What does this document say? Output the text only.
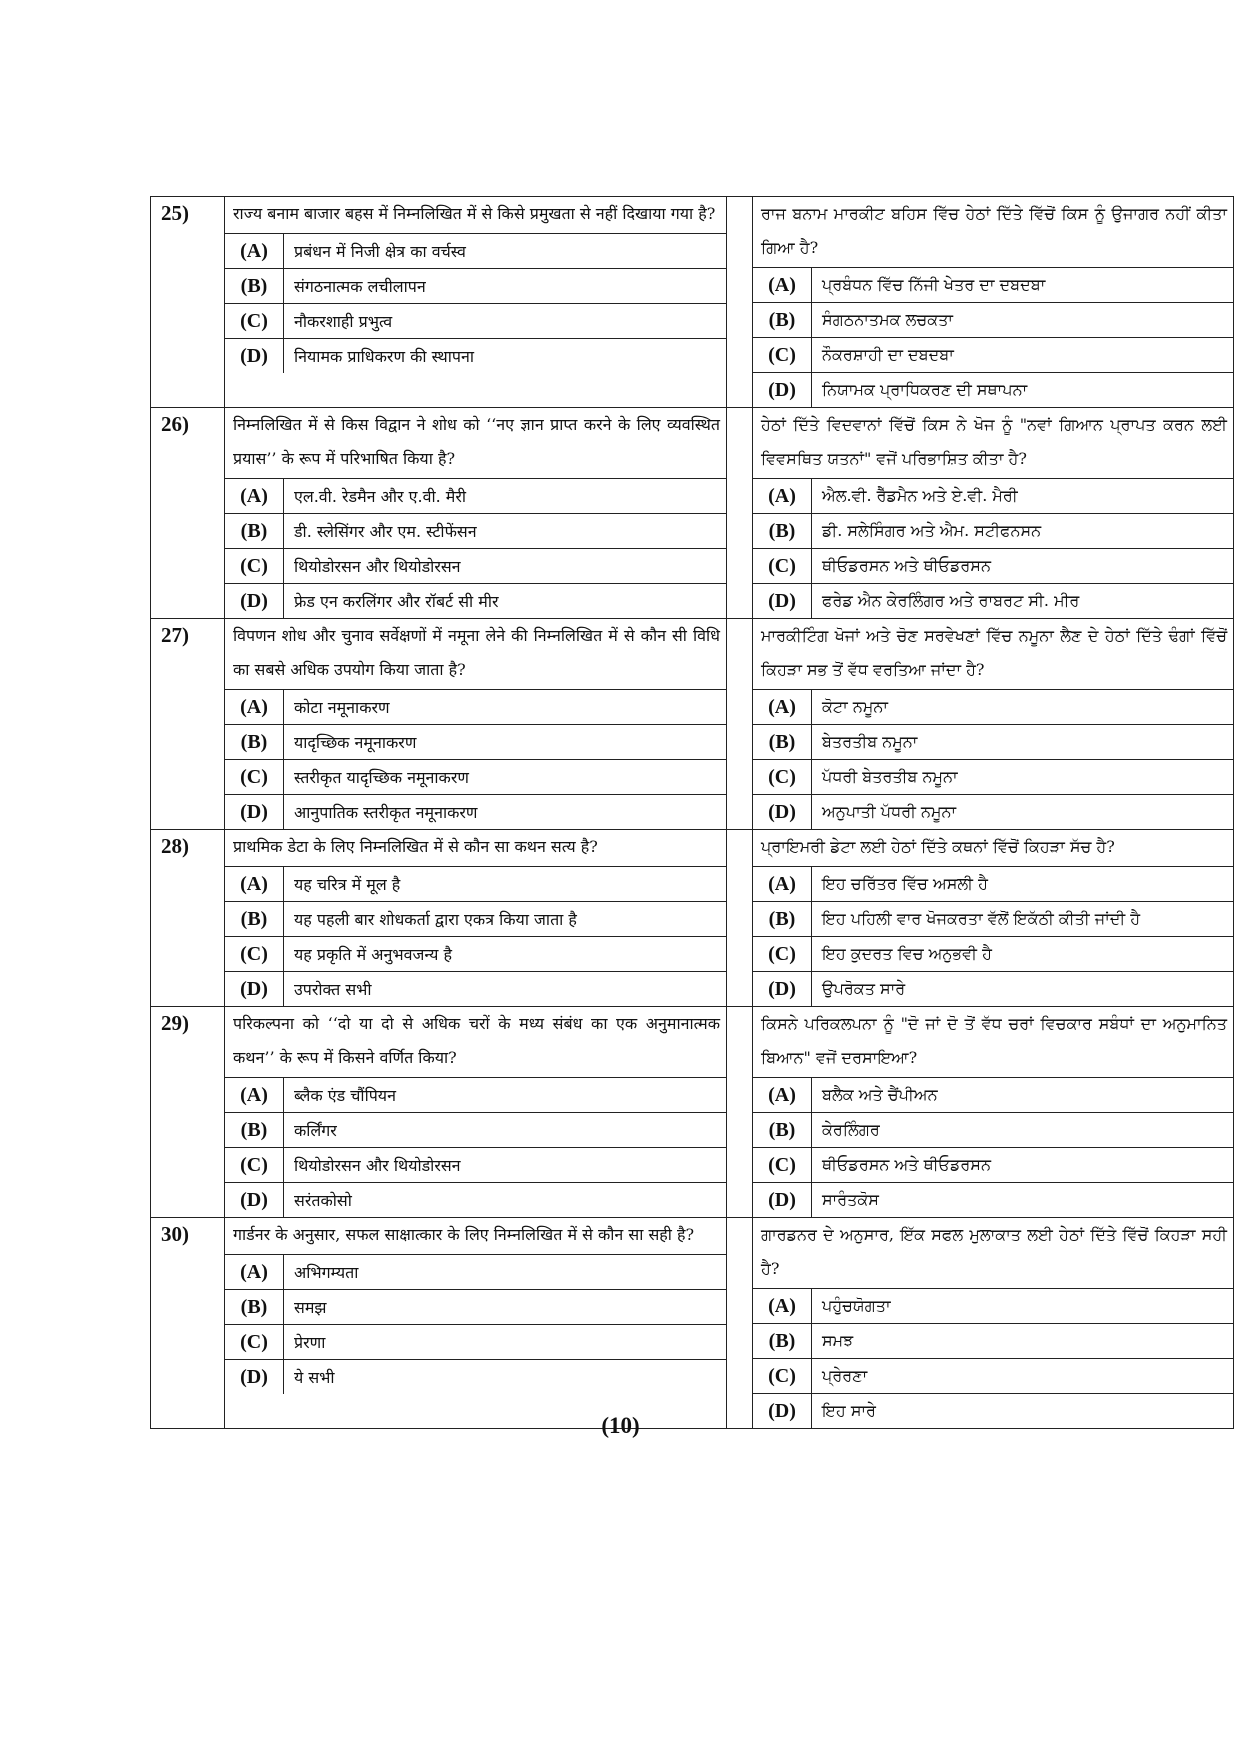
25)	राज्य बनाम बाजार बहस में निम्नलिखित में से किसे प्रमुखता से नहीं दिखाया गया है?
(A)	प्रबंधन में निजी क्षेत्र का वर्चस्व
(B)	संगठनात्मक लचीलापन
(C)	नौकरशाही प्रभुत्व
(D)	नियामक प्राधिकरण की स्थापना

ਰਾਜ ਬਨਾਮ ਮਾਰਕੀਟ ਬਹਿਸ ਵਿੱਚ ਹੇਠਾਂ ਦਿੱਤੇ ਵਿੱਚੋਂ ਕਿਸ ਨੂੰ ਉਜਾਗਰ ਨਹੀਂ ਕੀਤਾ ਗਿਆ ਹੈ?
(A)	ਪ੍ਰਬੰਧਨ ਵਿੱਚ ਨਿੱਜੀ ਖੇਤਰ ਦਾ ਦਬਦਬਾ
(B)	ਸੰਗਠਨਾਤਮਕ ਲਚਕਤਾ
(C)	ਨੌਕਰਸ਼ਾਹੀ ਦਾ ਦਬਦਬਾ
(D)	ਨਿਯਾਮਕ ਪ੍ਰਾਧਿਕਰਣ ਦੀ ਸਥਾਪਨਾ

26)	निम्नलिखित में से किस विद्वान ने शोध को ‘‘नए ज्ञान प्राप्त करने के लिए व्यवस्थित प्रयास’’ के रूप में परिभाषित किया है?
(A)	एल.वी. रेडमैन और ए.वी. मैरी
(B)	डी. स्लेसिंगर और एम. स्टीफेंसन
(C)	थियोडोरसन और थियोडोरसन
(D)	फ्रेड एन करलिंगर और रॉबर्ट सी मीर

ਹੇਠਾਂ ਦਿੱਤੇ ਵਿਦਵਾਨਾਂ ਵਿੱਚੋਂ ਕਿਸ ਨੇ ਖੋਜ ਨੂੰ "ਨਵਾਂ ਗਿਆਨ ਪ੍ਰਾਪਤ ਕਰਨ ਲਈ ਵਿਵਸਥਿਤ ਯਤਨਾਂ" ਵਜੋਂ ਪਰਿਭਾਸ਼ਿਤ ਕੀਤਾ ਹੈ?
(A)	ਐਲ.ਵੀ. ਰੈੱਡਮੈਨ ਅਤੇ ਏ.ਵੀ. ਮੈਰੀ
(B)	ਡੀ. ਸਲੇਸਿੰਗਰ ਅਤੇ ਐਮ. ਸਟੀਫਨਸਨ
(C)	ਥੀਓਡਰਸਨ ਅਤੇ ਥੀਓਡਰਸਨ
(D)	ਫਰੇਡ ਐਨ ਕੇਰਲਿੰਗਰ ਅਤੇ ਰਾਬਰਟ ਸੀ. ਮੀਰ

27)	विपणन शोध और चुनाव सर्वेक्षणों में नमूना लेने की निम्नलिखित में से कौन सी विधि का सबसे अधिक उपयोग किया जाता है?
(A)	कोटा नमूनाकरण
(B)	यादृच्छिक नमूनाकरण
(C)	स्तरीकृत यादृच्छिक नमूनाकरण
(D)	आनुपातिक स्तरीकृत नमूनाकरण

ਮਾਰਕੀਟਿੰਗ ਖੋਜਾਂ ਅਤੇ ਚੋਣ ਸਰਵੇਖਣਾਂ ਵਿੱਚ ਨਮੂਨਾ ਲੈਣ ਦੇ ਹੇਠਾਂ ਦਿੱਤੇ ਢੰਗਾਂ ਵਿੱਚੋਂ ਕਿਹੜਾ ਸਭ ਤੋਂ ਵੱਧ ਵਰਤਿਆ ਜਾਂਦਾ ਹੈ?
(A)	ਕੋਟਾ ਨਮੂਨਾ
(B)	ਬੇਤਰਤੀਬ ਨਮੂਨਾ
(C)	ਪੱਧਰੀ ਬੇਤਰਤੀਬ ਨਮੂਨਾ
(D)	ਅਨੁਪਾਤੀ ਪੱਧਰੀ ਨਮੂਨਾ

28)	प्राथमिक डेटा के लिए निम्नलिखित में से कौन सा कथन सत्य है?
(A)	यह चरित्र में मूल है
(B)	यह पहली बार शोधकर्ता द्वारा एकत्र किया जाता है
(C)	यह प्रकृति में अनुभवजन्य है
(D)	उपरोक्त सभी

ਪ੍ਰਾਇਮਰੀ ਡੇਟਾ ਲਈ ਹੇਠਾਂ ਦਿੱਤੇ ਕਥਨਾਂ ਵਿੱਚੋਂ ਕਿਹੜਾ ਸੱਚ ਹੈ?
(A)	ਇਹ ਚਰਿੱਤਰ ਵਿੱਚ ਅਸਲੀ ਹੈ
(B)	ਇਹ ਪਹਿਲੀ ਵਾਰ ਖੋਜਕਰਤਾ ਵੱਲੋਂ ਇਕੱਠੀ ਕੀਤੀ ਜਾਂਦੀ ਹੈ
(C)	ਇਹ ਕੁਦਰਤ ਵਿਚ ਅਨੁਭਵੀ ਹੈ
(D)	ਉਪਰੋਕਤ ਸਾਰੇ

29)	परिकल्पना को ‘‘दो या दो से अधिक चरों के मध्य संबंध का एक अनुमानात्मक कथन’’ के रूप में किसने वर्णित किया?
(A)	ब्लैक एंड चौंपियन
(B)	कर्लिंगर
(C)	थियोडोरसन और थियोडोरसन
(D)	सरंतकोसो

ਕਿਸਨੇ ਪਰਿਕਲਪਨਾ ਨੂੰ "ਦੋ ਜਾਂ ਦੋ ਤੋਂ ਵੱਧ ਚਰਾਂ ਵਿਚਕਾਰ ਸਬੰਧਾਂ ਦਾ ਅਨੁਮਾਨਿਤ ਬਿਆਨ" ਵਜੋਂ ਦਰਸਾਇਆ?
(A)	ਬਲੈਕ ਅਤੇ ਚੈਂਪੀਅਨ
(B)	ਕੇਰਲਿੰਗਰ
(C)	ਥੀਓਡਰਸਨ ਅਤੇ ਥੀਓਡਰਸਨ
(D)	ਸਾਰੰਤਕੋਸ

30)	गार्डनर के अनुसार, सफल साक्षात्कार के लिए निम्नलिखित में से कौन सा सही है?
(A)	अभिगम्यता
(B)	समझ
(C)	प्रेरणा
(D)	ये सभी

ਗਾਰਡਨਰ ਦੇ ਅਨੁਸਾਰ, ਇੱਕ ਸਫਲ ਮੁਲਾਕਾਤ ਲਈ ਹੇਠਾਂ ਦਿੱਤੇ ਵਿੱਚੋਂ ਕਿਹੜਾ ਸਹੀ ਹੈ?
(A)	ਪਹੁੰਚਯੋਗਤਾ
(B)	ਸਮਝ
(C)	ਪ੍ਰੇਰਣਾ
(D)	ਇਹ ਸਾਰੇ
(10)
